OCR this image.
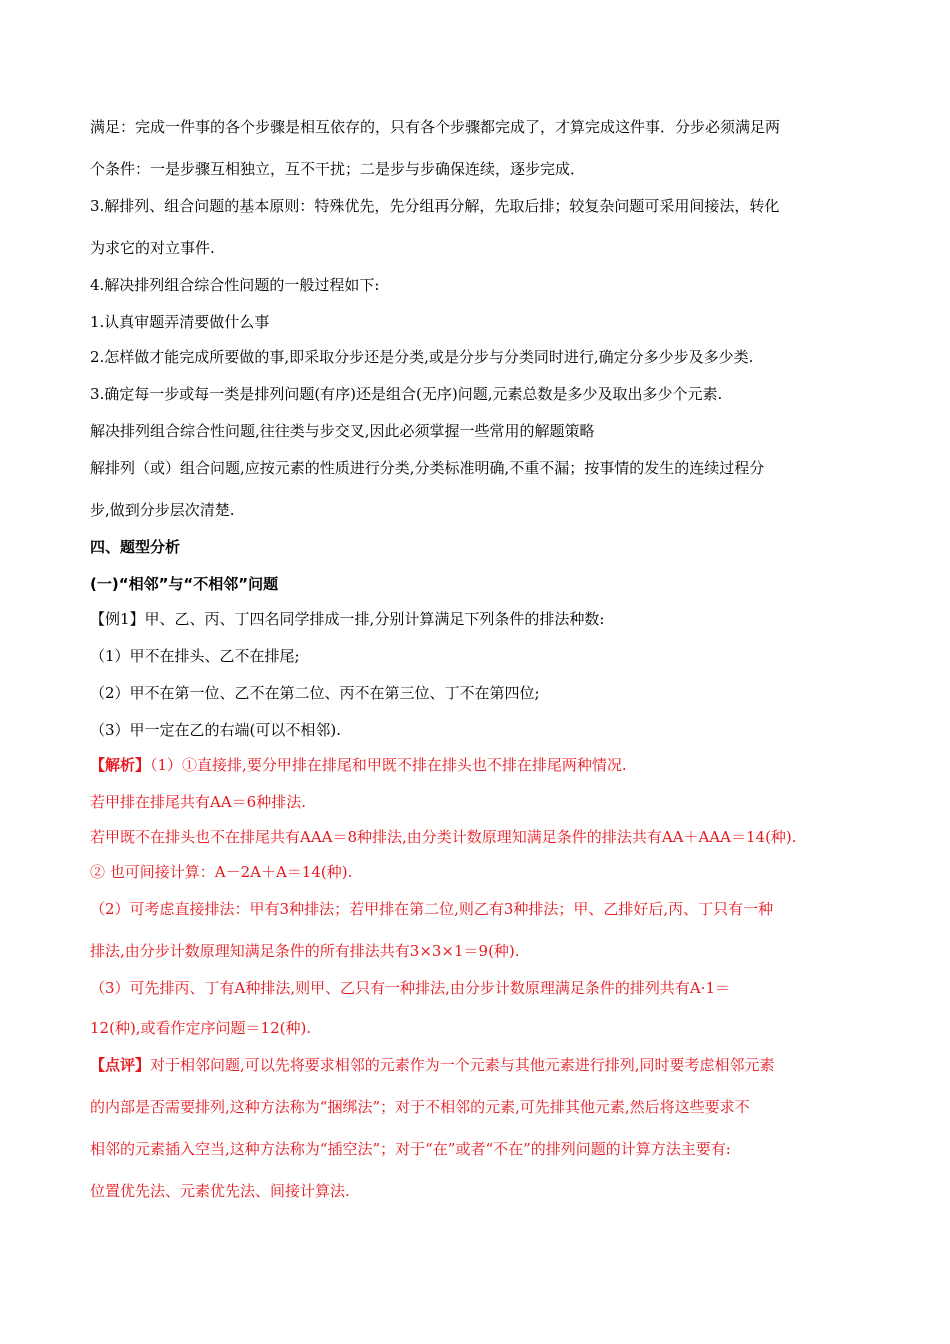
满足：完成一件事的各个步骤是相互依存的，只有各个步骤都完成了，才算完成这件事．分步必须满足两
个条件：一是步骤互相独立，互不干扰；二是步与步确保连续，逐步完成．
3.解排列、组合问题的基本原则：特殊优先，先分组再分解，先取后排；较复杂问题可采用间接法，转化
为求它的对立事件.
4.解决排列组合综合性问题的一般过程如下:
1.认真审题弄清要做什么事
2.怎样做才能完成所要做的事,即采取分步还是分类,或是分步与分类同时进行,确定分多少步及多少类.
3.确定每一步或每一类是排列问题(有序)还是组合(无序)问题,元素总数是多少及取出多少个元素.
解决排列组合综合性问题,往往类与步交叉,因此必须掌握一些常用的解题策略
解排列（或）组合问题,应按元素的性质进行分类,分类标准明确,不重不漏；按事情的发生的连续过程分
步,做到分步层次清楚.
四、题型分析
(一)“相邻”与“不相邻”问题
【例1】甲、乙、丙、丁四名同学排成一排,分别计算满足下列条件的排法种数:
（1）甲不在排头、乙不在排尾;
（2）甲不在第一位、乙不在第二位、丙不在第三位、丁不在第四位;
（3）甲一定在乙的右端(可以不相邻).
【解析】（1）①直接排,要分甲排在排尾和甲既不排在排头也不排在排尾两种情况.
若甲排在排尾共有AA＝6种排法.
若甲既不在排头也不在排尾共有AAA＝8种排法,由分类计数原理知满足条件的排法共有AA＋AAA＝14(种).
② 也可间接计算：A－2A＋A＝14(种).
（2）可考虑直接排法：甲有3种排法；若甲排在第二位,则乙有3种排法；甲、乙排好后,丙、丁只有一种
排法,由分步计数原理知满足条件的所有排法共有3×3×1＝9(种).
（3）可先排丙、丁有A种排法,则甲、乙只有一种排法,由分步计数原理满足条件的排列共有A·1＝
12(种),或看作定序问题＝12(种).
【点评】对于相邻问题,可以先将要求相邻的元素作为一个元素与其他元素进行排列,同时要考虑相邻元素
的内部是否需要排列,这种方法称为“捆绑法”；对于不相邻的元素,可先排其他元素,然后将这些要求不
相邻的元素插入空当,这种方法称为“插空法”；对于“在”或者“不在”的排列问题的计算方法主要有:
位置优先法、元素优先法、间接计算法.
